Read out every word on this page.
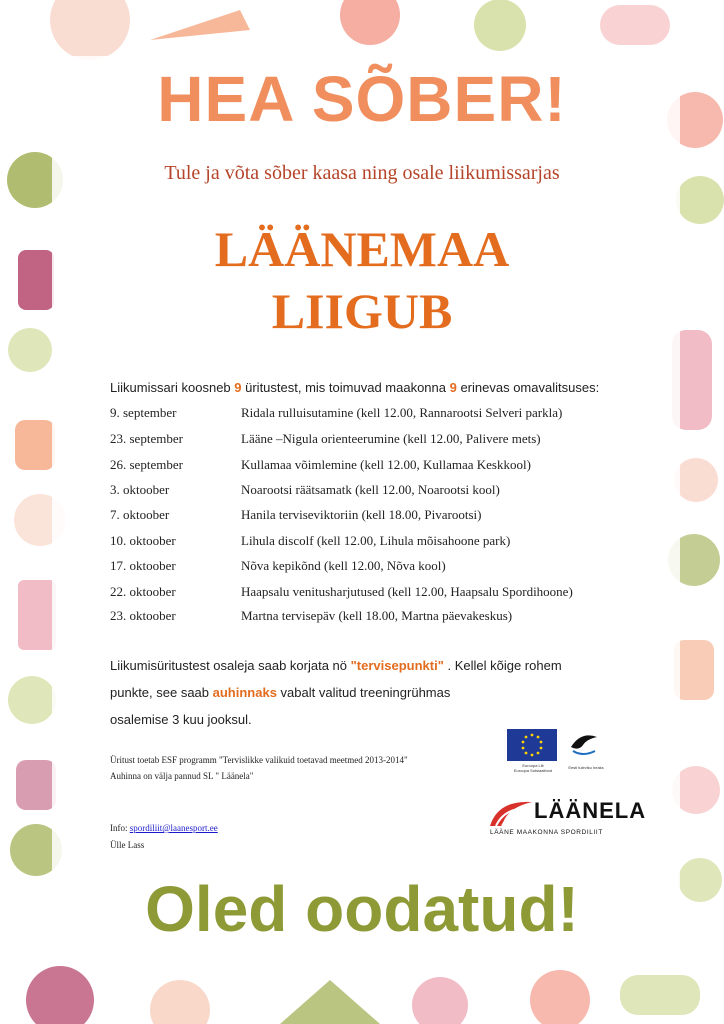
HEA SÕBER!
Tule ja võta sõber kaasa ning osale liikumissarjas
LÄÄNEMAA
LIIGUB
Liikumissari koosneb 9 üritustest, mis toimuvad maakonna 9 erinevas omavalitsuses:
9. september	Ridala rulluisutamine (kell 12.00, Rannarootsi Selveri parkla)
23. september	Lääne –Nigula orienteerumine (kell 12.00, Palivere mets)
26. september	Kullamaa võimlemine (kell 12.00, Kullamaa Keskkool)
3. oktoober	Noarootsi räätsamatk (kell 12.00, Noarootsi kool)
7. oktoober	Hanila terviseviktoriin (kell 18.00, Pivarootsi)
10. oktoober	Lihula discolf (kell 12.00, Lihula mõisahoone park)
17. oktoober	Nõva kepikõnd (kell 12.00, Nõva kool)
22. oktoober	Haapsalu venitusharjutused (kell 12.00, Haapsalu Spordihoone)
23. oktoober	Martna tervisepäv (kell 18.00, Martna päevakeskus)
Liikumisüritustest osaleja saab korjata nö "tervisepunkti" . Kellel kõige rohem
punkte, see saab auhinnaks vabalt valitud treeningrühmas
osalemise 3 kuu jooksul.
Üritust toetab ESF programm "Tervislikke valikuid toetavad meetmed 2013-2014"
Auhinna on välja pannud SL " Läänela"
Info: spordiliit@laanesport.ee
Ülle Lass
Euroopa Liit
Euroopa Sotsiaalfond
Eesti tuleviku heaks
LÄÄNELA
LÄÄNE MAAKONNA SPORDILIIT
Oled oodatud!
